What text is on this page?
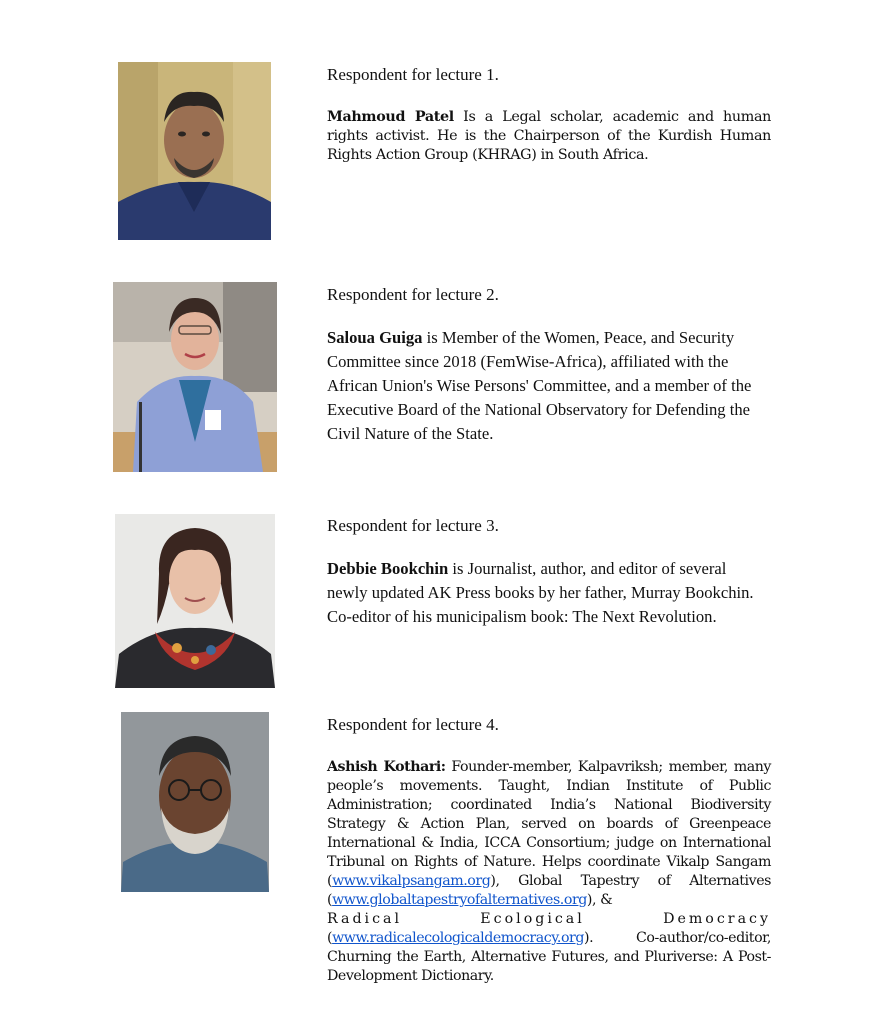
Respondent for lecture 1.

Mahmoud Patel Is a Legal scholar, academic and human rights activist. He is the Chairperson of the Kurdish Human Rights Action Group (KHRAG) in South Africa.

Respondent for lecture 2.

Saloua Guiga is Member of the Women, Peace, and Security Committee since 2018 (FemWise-Africa), affiliated with the African Union's Wise Persons' Committee, and a member of the Executive Board of the National Observatory for Defending the Civil Nature of the State.

Respondent for lecture 3.

Debbie Bookchin is Journalist, author, and editor of several newly updated AK Press books by her father, Murray Bookchin. Co-editor of his municipalism book: The Next Revolution.

Respondent for lecture 4.

Ashish Kothari: Founder-member, Kalpavriksh; member, many people’s movements. Taught, Indian Institute of Public Administration; coordinated India’s National Biodiversity Strategy & Action Plan, served on boards of Greenpeace International & India, ICCA Consortium; judge on International Tribunal on Rights of Nature. Helps coordinate Vikalp Sangam (www.vikalpsangam.org), Global Tapestry of Alternatives (www.globaltapestryofalternatives.org), &
Radical Ecological Democracy
(www.radicalecologicaldemocracy.org). Co-author/co-editor, Churning the Earth, Alternative Futures, and Pluriverse: A Post-Development Dictionary.
